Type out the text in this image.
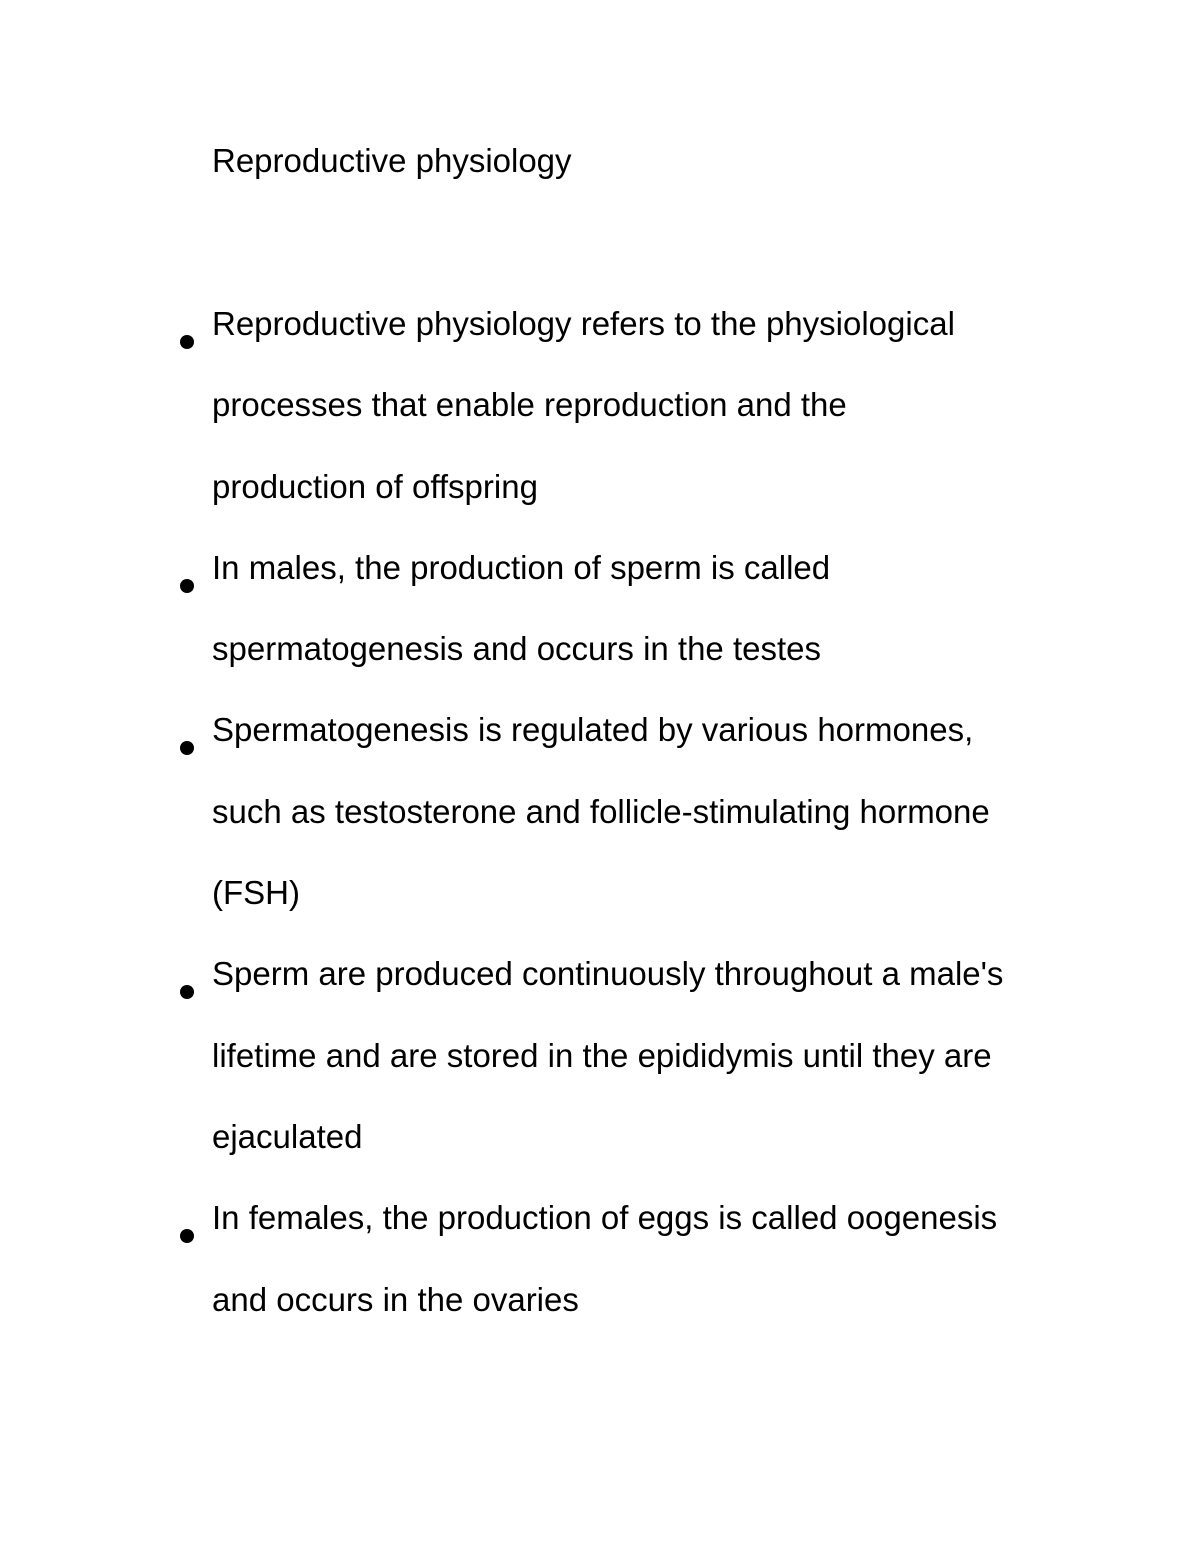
Reproductive physiology
Reproductive physiology refers to the physiological
processes that enable reproduction and the
production of offspring
In males, the production of sperm is called
spermatogenesis and occurs in the testes
Spermatogenesis is regulated by various hormones,
such as testosterone and follicle-stimulating hormone
(FSH)
Sperm are produced continuously throughout a male's
lifetime and are stored in the epididymis until they are
ejaculated
In females, the production of eggs is called oogenesis
and occurs in the ovaries
